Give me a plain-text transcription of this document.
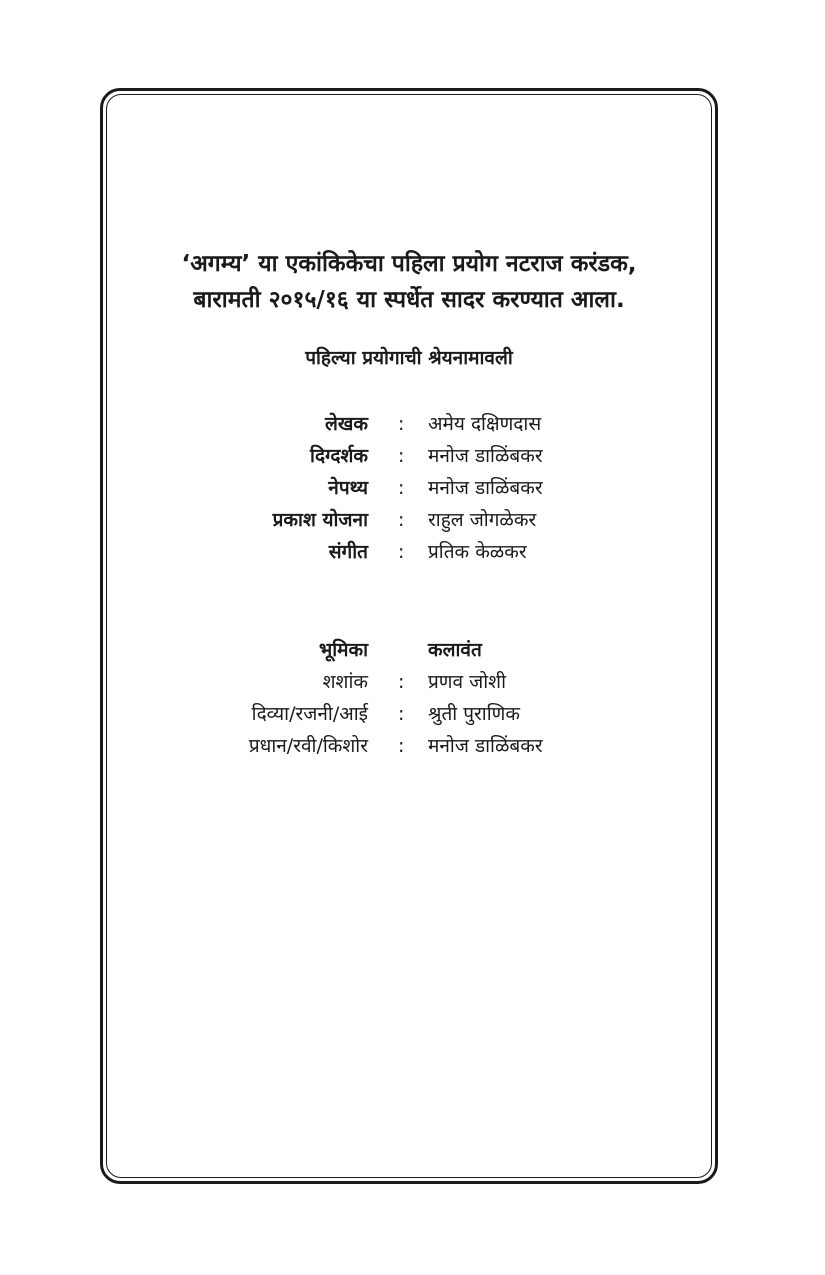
‘अगम्य’ या एकांकिकेचा पहिला प्रयोग नटराज करंडक,
बारामती २०१५/१६ या स्पर्धेत सादर करण्यात आला.
पहिल्या प्रयोगाची श्रेयनामावली
लेखक : अमेय दक्षिणदास
दिग्दर्शक : मनोज डाळिंबकर
नेपथ्य : मनोज डाळिंबकर
प्रकाश योजना : राहुल जोगळेकर
संगीत : प्रतिक केळकर
भूमिका	कलावंत
शशांक : प्रणव जोशी
दिव्या/रजनी/आई : श्रुती पुराणिक
प्रधान/रवी/किशोर : मनोज डाळिंबकर
